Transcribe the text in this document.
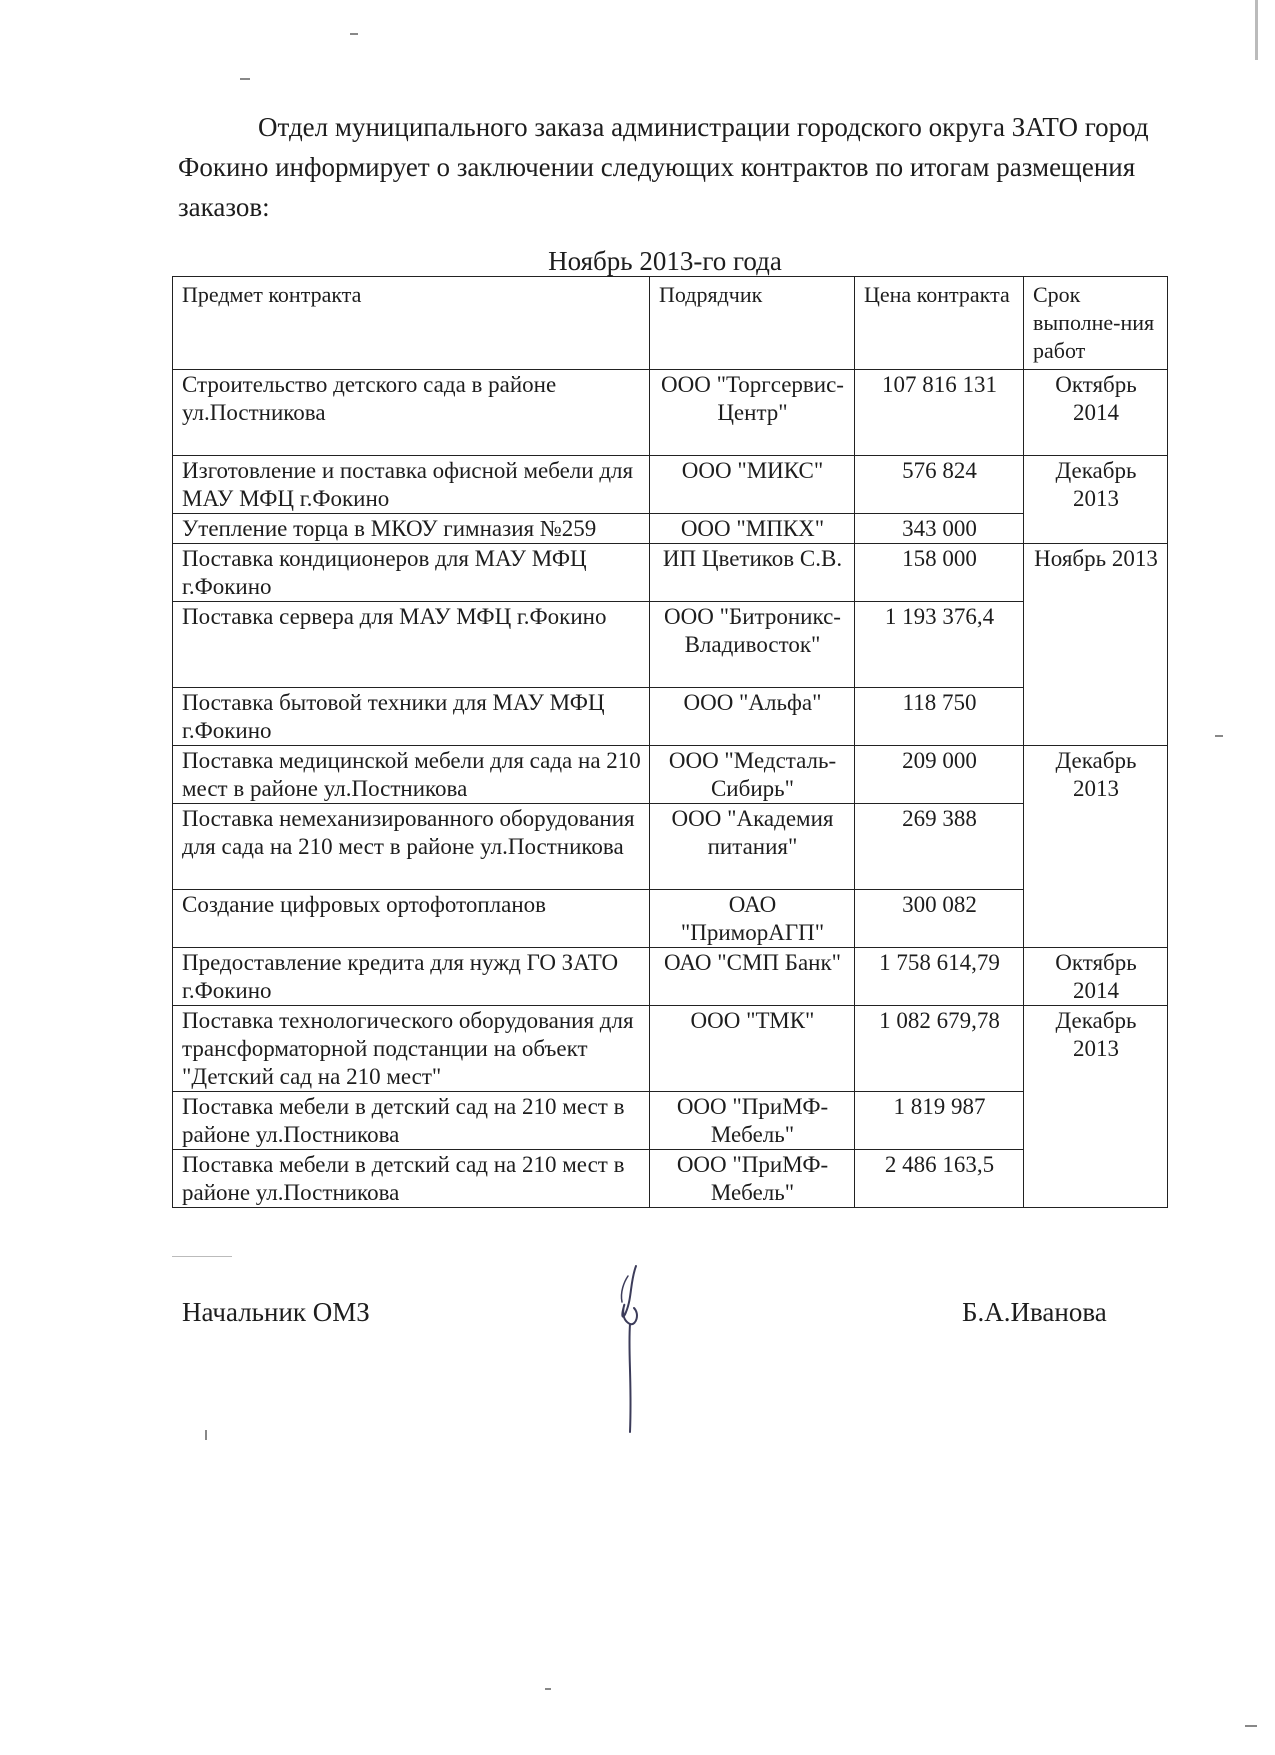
Отдел муниципального заказа администрации городского округа ЗАТО город Фокино информирует о заключении следующих контрактов по итогам размещения заказов:

Ноябрь 2013-го года

Предмет контракта	Подрядчик	Цена контракта	Срок выполне-ния работ
Строительство детского сада в районе ул.Постникова	ООО "Торгсервис-Центр"	107 816 131	Октябрь 2014
Изготовление и поставка офисной мебели для МАУ МФЦ г.Фокино	ООО "МИКС"	576 824	Декабрь 2013
Утепление торца в МКОУ гимназия №259	ООО "МПКХ"	343 000	
Поставка кондиционеров для МАУ МФЦ г.Фокино	ИП Цветиков С.В.	158 000	Ноябрь 2013
Поставка сервера для МАУ МФЦ г.Фокино	ООО "Битроникс-Владивосток"	1 193 376,4	
Поставка бытовой техники для МАУ МФЦ г.Фокино	ООО "Альфа"	118 750	
Поставка медицинской мебели для сада на 210 мест в районе ул.Постникова	ООО "Медсталь-Сибирь"	209 000	Декабрь 2013
Поставка немеханизированного оборудования для сада на 210 мест в районе ул.Постникова	ООО "Академия питания"	269 388	
Создание цифровых ортофотопланов	ОАО "ПриморАГП"	300 082	
Предоставление кредита для нужд ГО ЗАТО г.Фокино	ОАО "СМП Банк"	1 758 614,79	Октябрь 2014
Поставка технологического оборудования для трансформаторной подстанции на объект "Детский сад на 210 мест"	ООО "ТМК"	1 082 679,78	Декабрь 2013
Поставка мебели в детский сад на 210 мест в районе ул.Постникова	ООО "ПриМФ-Мебель"	1 819 987	
Поставка мебели в детский сад на 210 мест в районе ул.Постникова	ООО "ПриМФ-Мебель"	2 486 163,5	

Начальник ОМЗ	Б.А.Иванова
